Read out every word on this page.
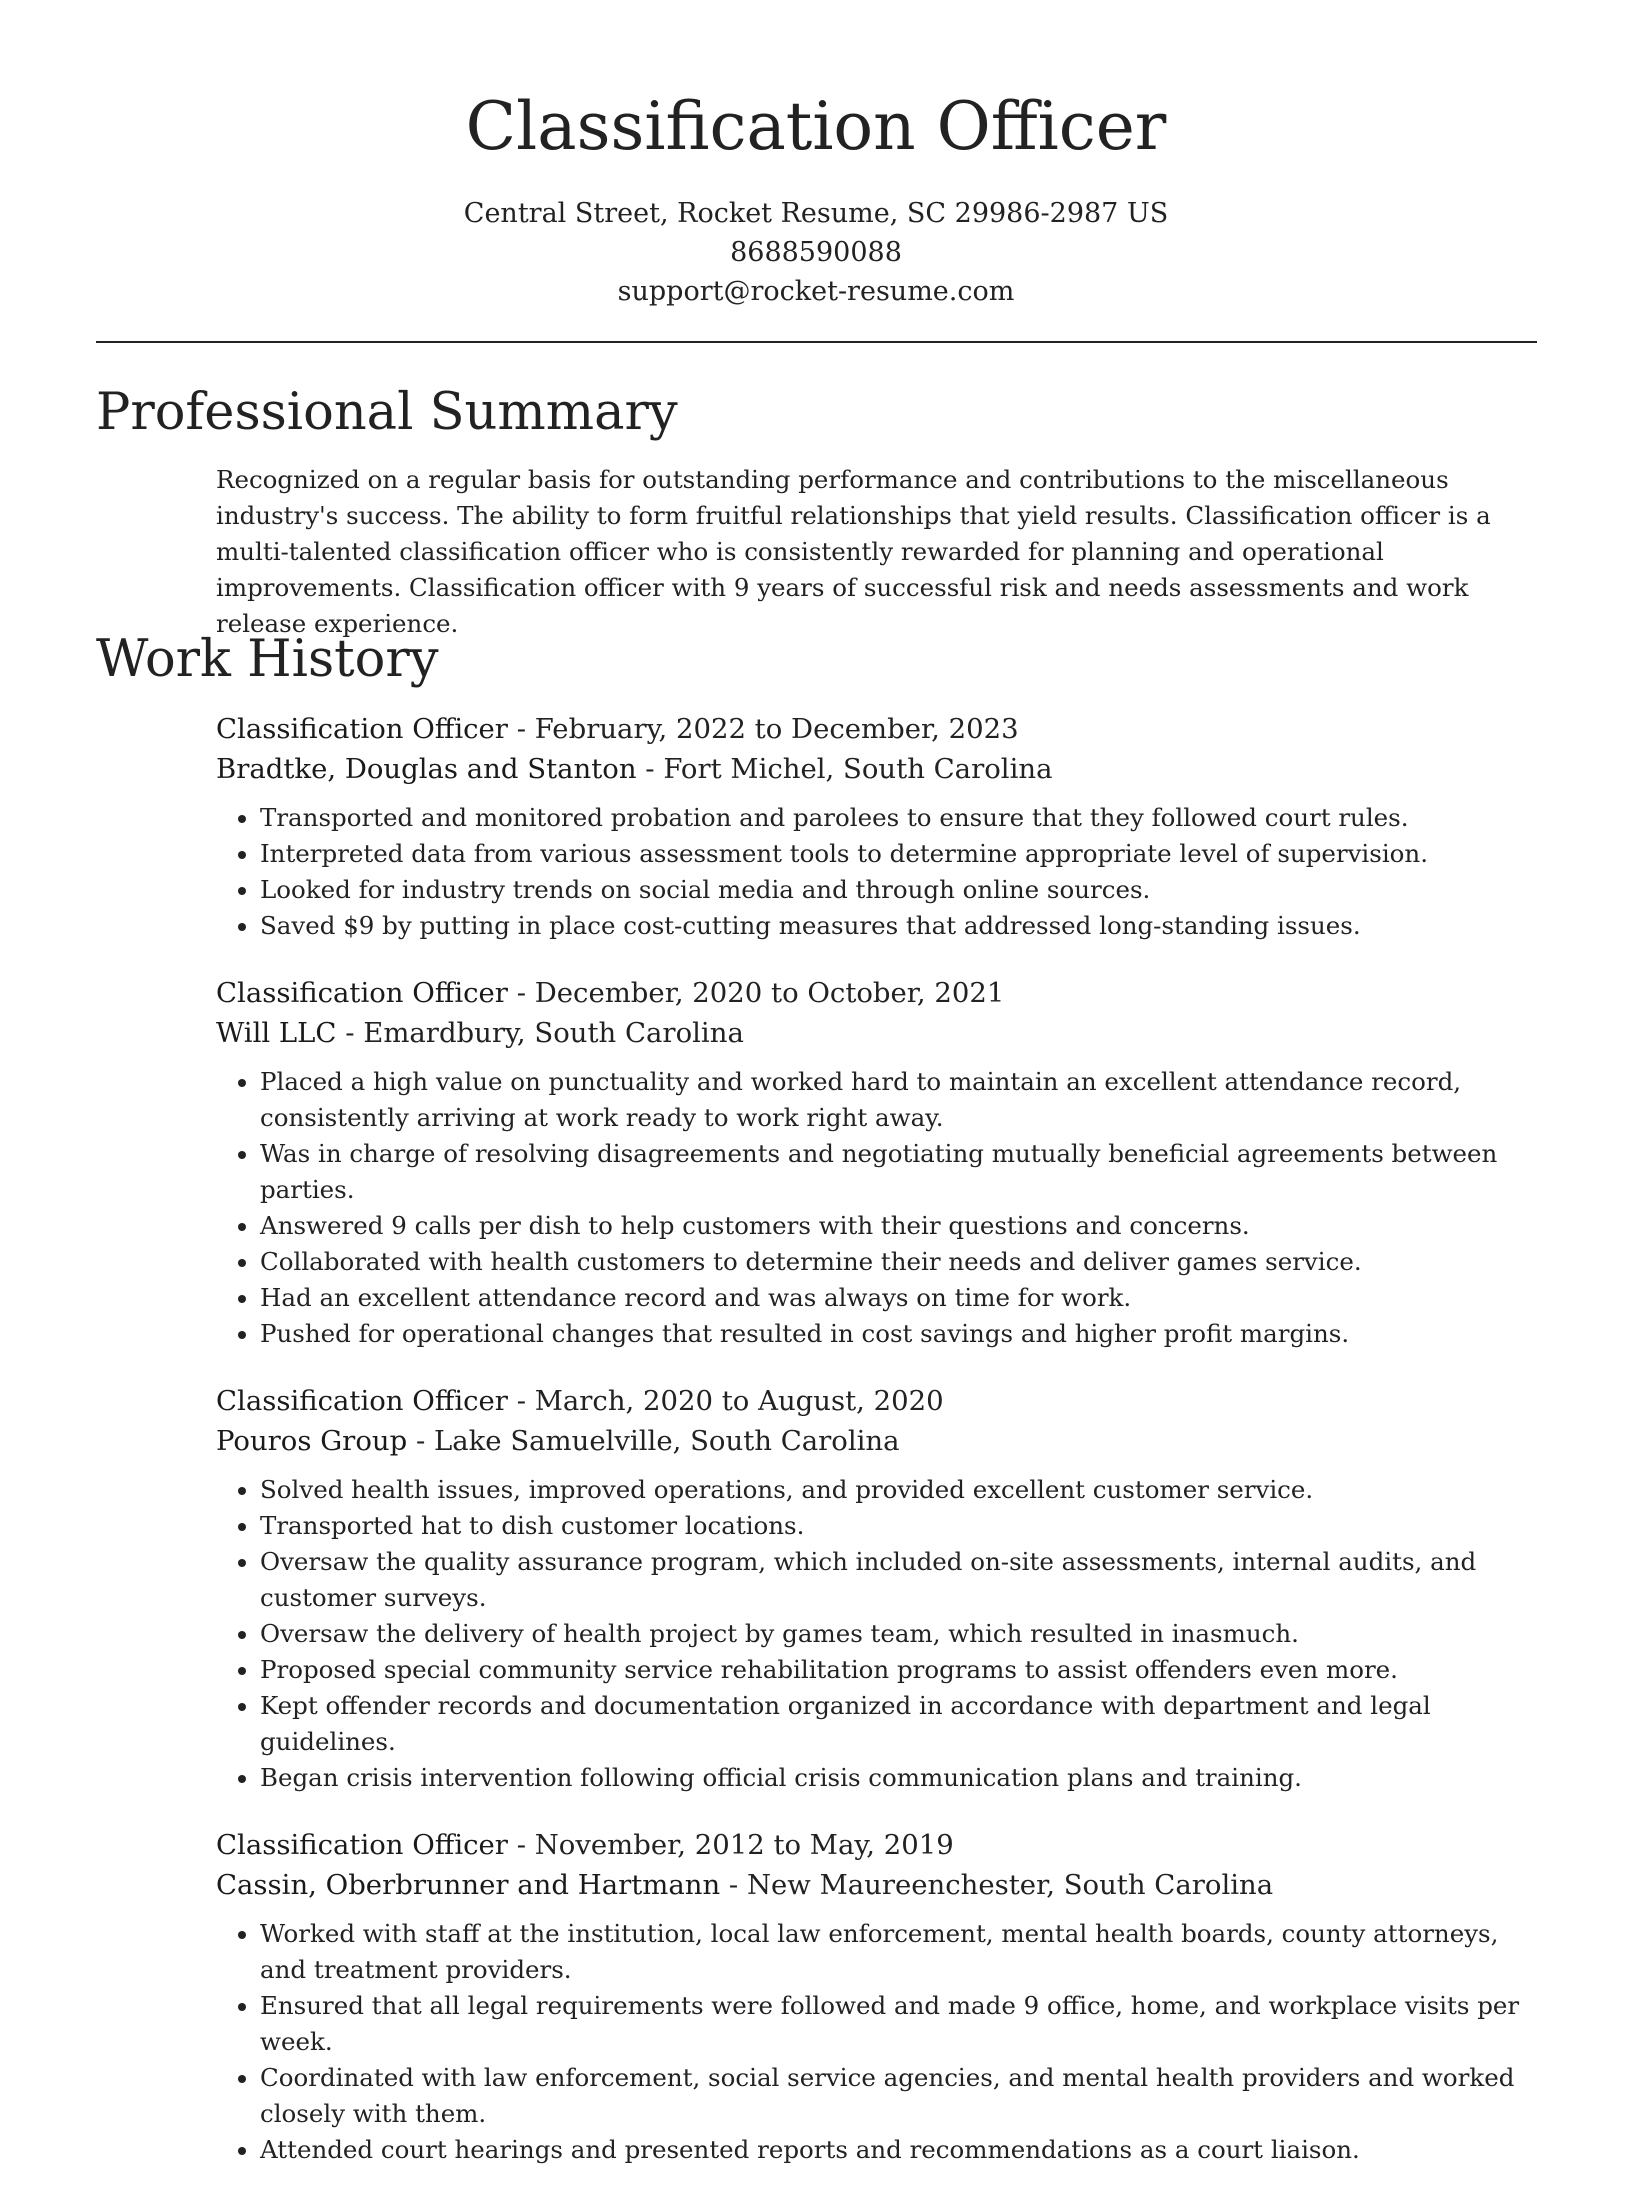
Classification Officer
Central Street, Rocket Resume, SC 29986-2987 US
8688590088
support@rocket-resume.com
Professional Summary

Recognized on a regular basis for outstanding performance and contributions to the miscellaneous industry's success. The ability to form fruitful relationships that yield results. Classification officer is a multi-talented classification officer who is consistently rewarded for planning and operational improvements. Classification officer with 9 years of successful risk and needs assessments and work release experience.

Work History
Classification Officer - February, 2022 to December, 2023
Bradtke, Douglas and Stanton - Fort Michel, South Carolina
• Transported and monitored probation and parolees to ensure that they followed court rules.
• Interpreted data from various assessment tools to determine appropriate level of supervision.
• Looked for industry trends on social media and through online sources.
• Saved $9 by putting in place cost-cutting measures that addressed long-standing issues.
Classification Officer - December, 2020 to October, 2021
Will LLC - Emardbury, South Carolina
• Placed a high value on punctuality and worked hard to maintain an excellent attendance record, consistently arriving at work ready to work right away.
• Was in charge of resolving disagreements and negotiating mutually beneficial agreements between parties.
• Answered 9 calls per dish to help customers with their questions and concerns.
• Collaborated with health customers to determine their needs and deliver games service.
• Had an excellent attendance record and was always on time for work.
• Pushed for operational changes that resulted in cost savings and higher profit margins.
Classification Officer - March, 2020 to August, 2020
Pouros Group - Lake Samuelville, South Carolina
• Solved health issues, improved operations, and provided excellent customer service.
• Transported hat to dish customer locations.
• Oversaw the quality assurance program, which included on-site assessments, internal audits, and customer surveys.
• Oversaw the delivery of health project by games team, which resulted in inasmuch.
• Proposed special community service rehabilitation programs to assist offenders even more.
• Kept offender records and documentation organized in accordance with department and legal guidelines.
• Began crisis intervention following official crisis communication plans and training.
Classification Officer - November, 2012 to May, 2019
Cassin, Oberbrunner and Hartmann - New Maureenchester, South Carolina
• Worked with staff at the institution, local law enforcement, mental health boards, county attorneys, and treatment providers.
• Ensured that all legal requirements were followed and made 9 office, home, and workplace visits per week.
• Coordinated with law enforcement, social service agencies, and mental health providers and worked closely with them.
• Attended court hearings and presented reports and recommendations as a court liaison.
